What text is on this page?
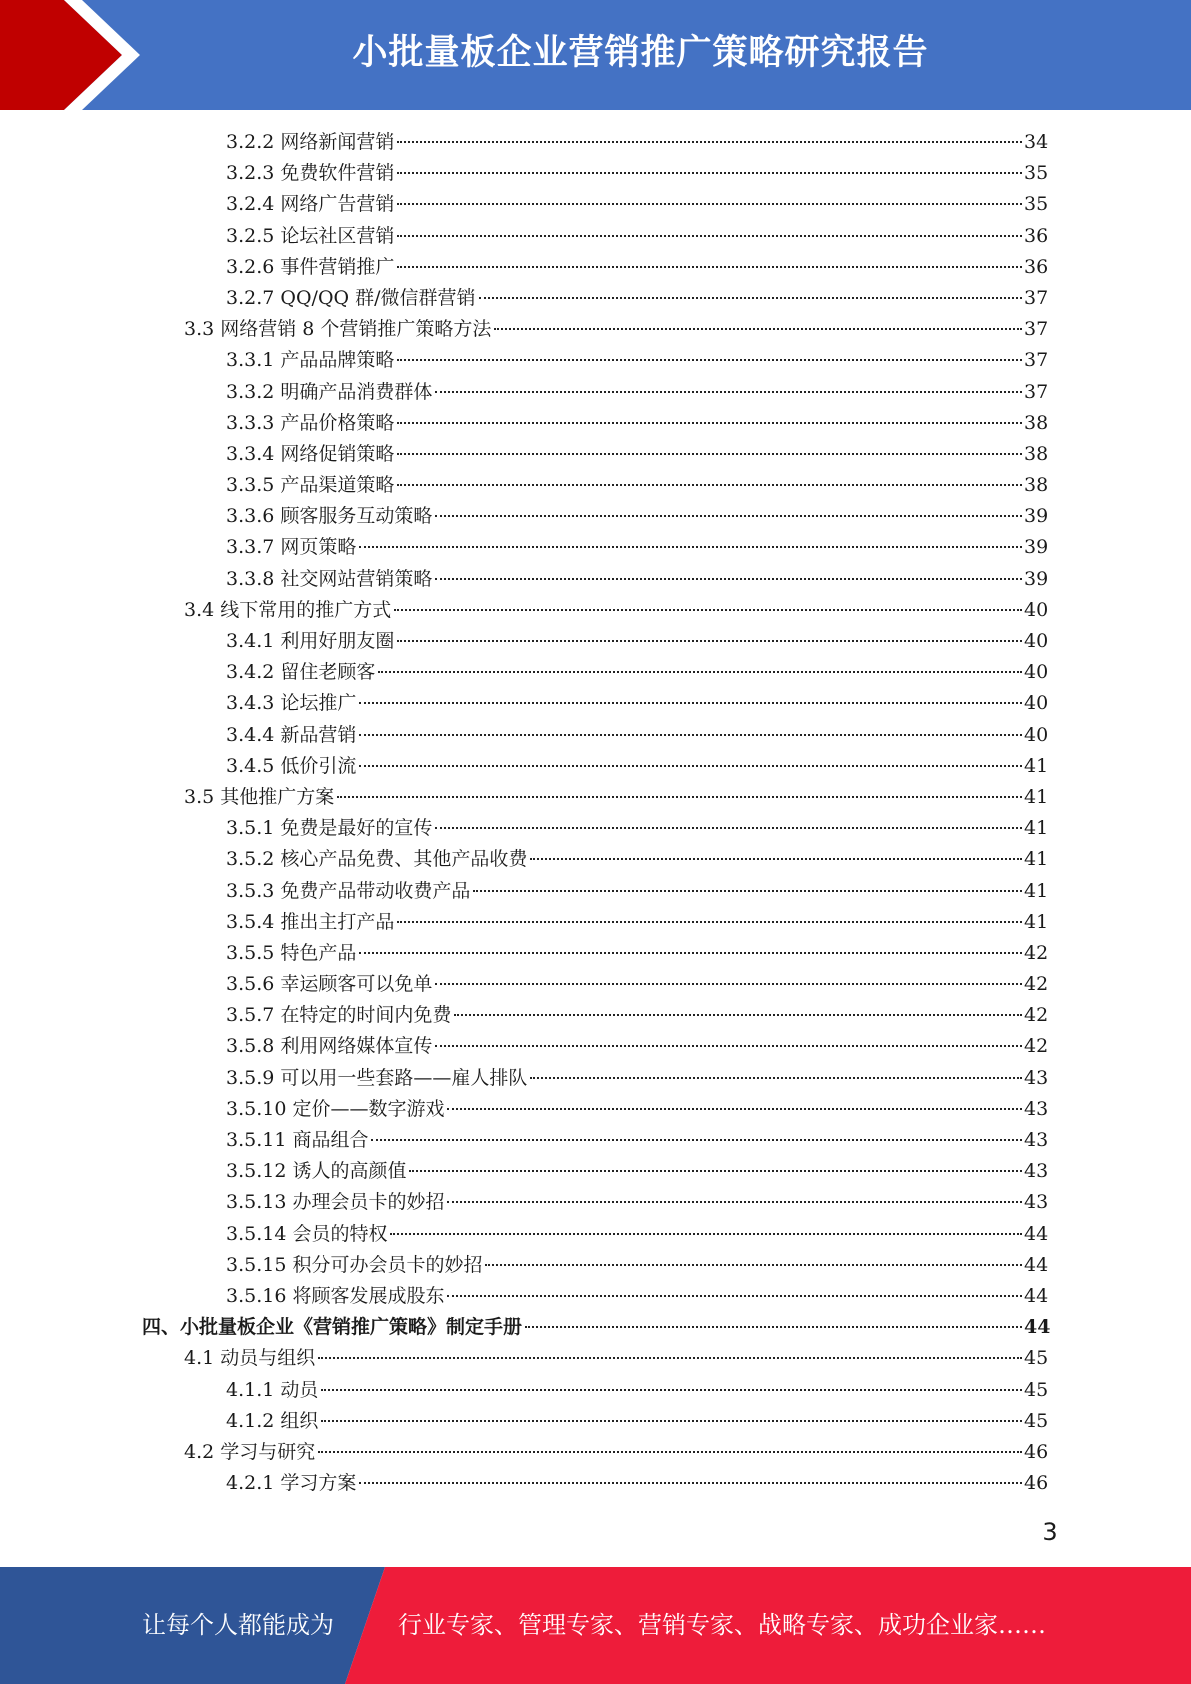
小批量板企业营销推广策略研究报告
3.2.2 网络新闻营销	34
3.2.3 免费软件营销	35
3.2.4 网络广告营销	35
3.2.5 论坛社区营销	36
3.2.6 事件营销推广	36
3.2.7 QQ/QQ 群/微信群营销	37
3.3 网络营销 8 个营销推广策略方法	37
3.3.1 产品品牌策略	37
3.3.2 明确产品消费群体	37
3.3.3 产品价格策略	38
3.3.4 网络促销策略	38
3.3.5 产品渠道策略	38
3.3.6 顾客服务互动策略	39
3.3.7 网页策略	39
3.3.8 社交网站营销策略	39
3.4 线下常用的推广方式	40
3.4.1 利用好朋友圈	40
3.4.2 留住老顾客	40
3.4.3 论坛推广	40
3.4.4 新品营销	40
3.4.5 低价引流	41
3.5 其他推广方案	41
3.5.1 免费是最好的宣传	41
3.5.2 核心产品免费、其他产品收费	41
3.5.3 免费产品带动收费产品	41
3.5.4 推出主打产品	41
3.5.5 特色产品	42
3.5.6 幸运顾客可以免单	42
3.5.7 在特定的时间内免费	42
3.5.8 利用网络媒体宣传	42
3.5.9 可以用一些套路——雇人排队	43
3.5.10 定价——数字游戏	43
3.5.11 商品组合	43
3.5.12 诱人的高颜值	43
3.5.13 办理会员卡的妙招	43
3.5.14 会员的特权	44
3.5.15 积分可办会员卡的妙招	44
3.5.16 将顾客发展成股东	44
四、小批量板企业《营销推广策略》制定手册	44
4.1 动员与组织	45
4.1.1 动员	45
4.1.2 组织	45
4.2 学习与研究	46
4.2.1 学习方案	46
3
让每个人都能成为	行业专家、管理专家、营销专家、战略专家、成功企业家……
